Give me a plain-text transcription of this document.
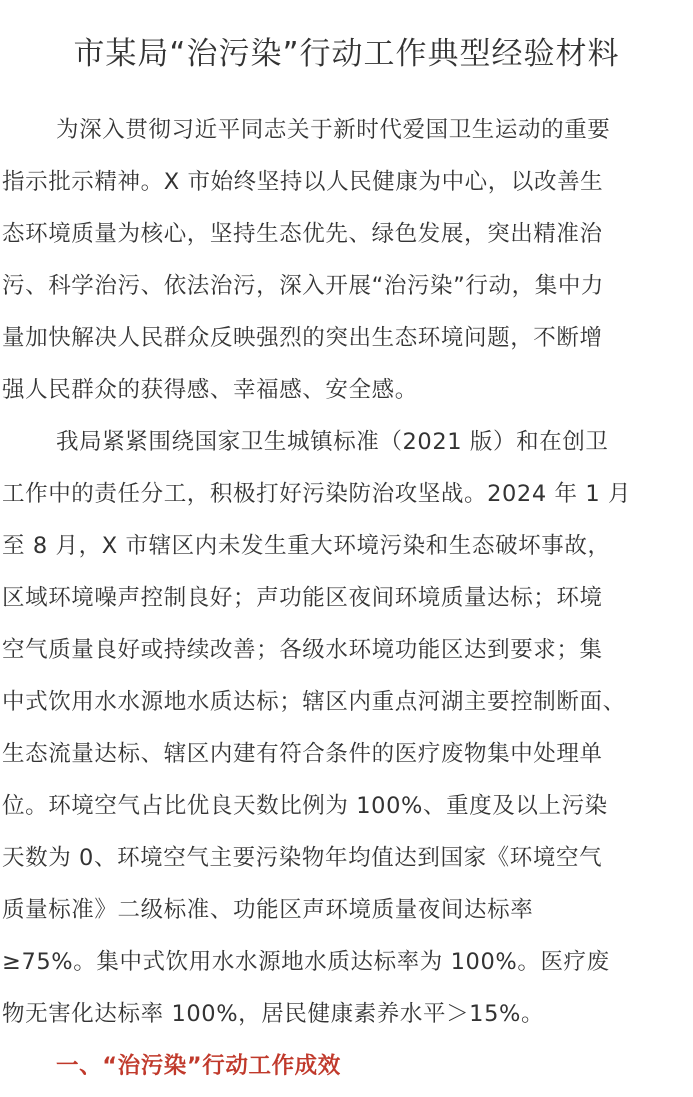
市某局“治污染”行动工作典型经验材料

为深入贯彻习近平同志关于新时代爱国卫生运动的重要
指示批示精神。X 市始终坚持以人民健康为中心，以改善生
态环境质量为核心，坚持生态优先、绿色发展，突出精准治
污、科学治污、依法治污，深入开展“治污染”行动，集中力
量加快解决人民群众反映强烈的突出生态环境问题，不断增
强人民群众的获得感、幸福感、安全感。

我局紧紧围绕国家卫生城镇标准（2021 版）和在创卫
工作中的责任分工，积极打好污染防治攻坚战。2024 年 1 月
至 8 月，X 市辖区内未发生重大环境污染和生态破坏事故，
区域环境噪声控制良好；声功能区夜间环境质量达标；环境
空气质量良好或持续改善；各级水环境功能区达到要求；集
中式饮用水水源地水质达标；辖区内重点河湖主要控制断面、
生态流量达标、辖区内建有符合条件的医疗废物集中处理单
位。环境空气占比优良天数比例为 100%、重度及以上污染
天数为 0、环境空气主要污染物年均值达到国家《环境空气
质量标准》二级标准、功能区声环境质量夜间达标率
≥75%。集中式饮用水水源地水质达标率为 100%。医疗废
物无害化达标率 100%，居民健康素养水平＞15%。

一、“治污染”行动工作成效
